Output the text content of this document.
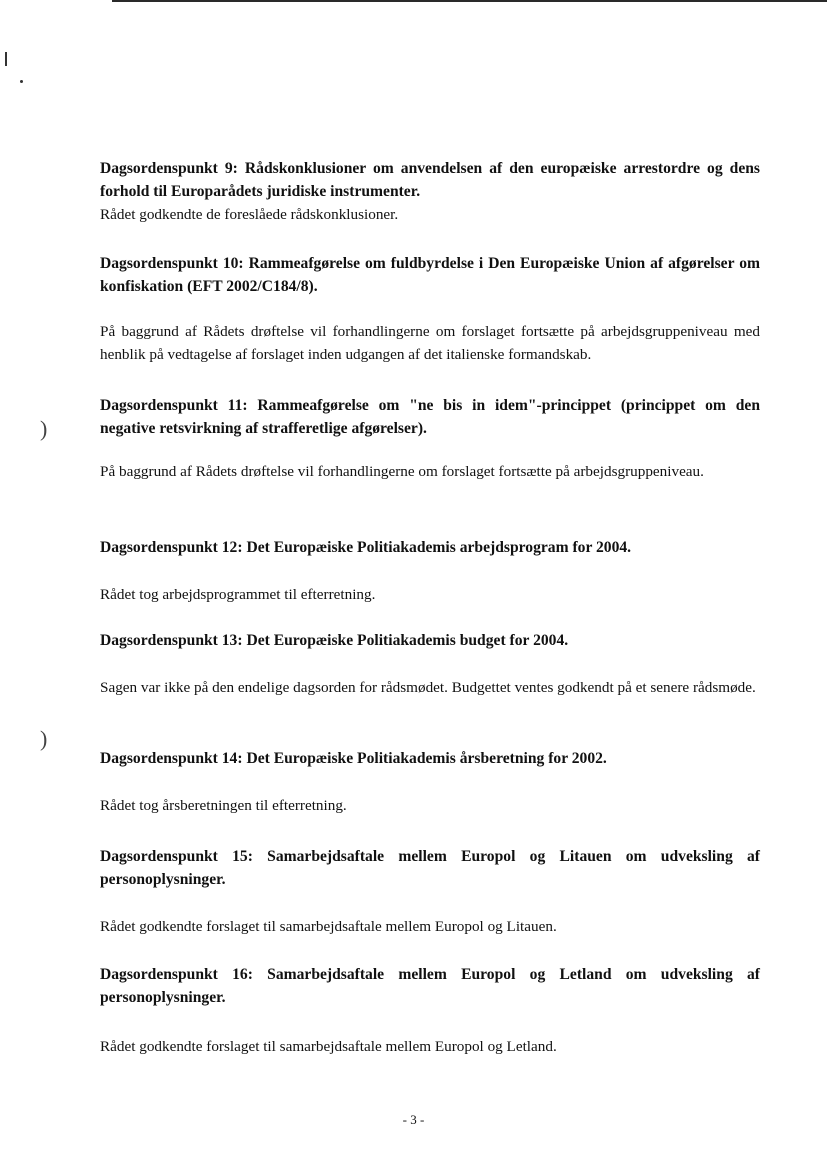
)
)

Dagsordenspunkt 9: Rådskonklusioner om anvendelsen af den europæiske arrestordre og dens forhold til Europarådets juridiske instrumenter.

Rådet godkendte de foreslåede rådskonklusioner.

Dagsordenspunkt 10: Rammeafgørelse om fuldbyrdelse i Den Europæiske Union af afgørelser om konfiskation (EFT 2002/C184/8).

På baggrund af Rådets drøftelse vil forhandlingerne om forslaget fortsætte på arbejdsgruppeniveau med henblik på vedtagelse af forslaget inden udgangen af det italienske formandskab.

Dagsordenspunkt 11: Rammeafgørelse om "ne bis in idem"-princippet (princippet om den negative retsvirkning af strafferetlige afgørelser).

På baggrund af Rådets drøftelse vil forhandlingerne om forslaget fortsætte på arbejdsgruppeniveau.

Dagsordenspunkt 12: Det Europæiske Politiakademis arbejdsprogram for 2004.

Rådet tog arbejdsprogrammet til efterretning.

Dagsordenspunkt 13: Det Europæiske Politiakademis budget for 2004.

Sagen var ikke på den endelige dagsorden for rådsmødet. Budgettet ventes godkendt på et senere rådsmøde.

Dagsordenspunkt 14: Det Europæiske Politiakademis årsberetning for 2002.

Rådet tog årsberetningen til efterretning.

Dagsordenspunkt 15: Samarbejdsaftale mellem Europol og Litauen om udveksling af personoplysninger.

Rådet godkendte forslaget til samarbejdsaftale mellem Europol og Litauen.

Dagsordenspunkt 16: Samarbejdsaftale mellem Europol og Letland om udveksling af personoplysninger.

Rådet godkendte forslaget til samarbejdsaftale mellem Europol og Letland.

- 3 -
